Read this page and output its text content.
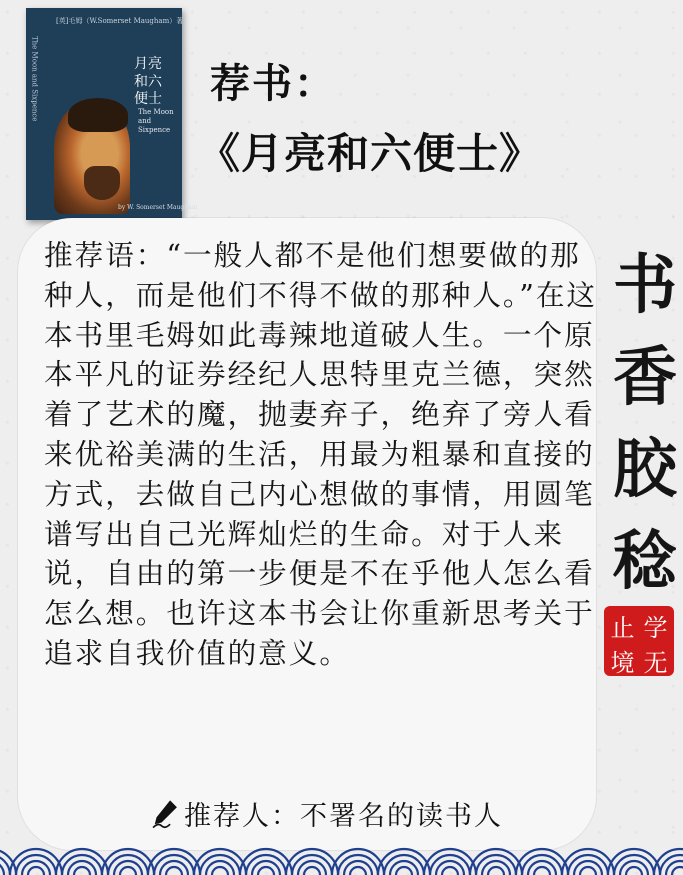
[英]毛姆（W.Somerset Maugham）著
The Moon and Sixpence	月亮和六便士
The Moon and Sixpence
by W. Somerset Maugham
荐书：
《月亮和六便士》
推荐语：“一般人都不是他们想要做的那种人，而是他们不得不做的那种人。”在这本书里毛姆如此毒辣地道破人生。一个原本平凡的证券经纪人思特里克兰德，突然着了艺术的魔，抛妻弃子，绝弃了旁人看来优裕美满的生活，用最为粗暴和直接的方式，去做自己内心想做的事情，用圆笔谱写出自己光辉灿烂的生命。对于人来说，自由的第一步便是不在乎他人怎么看怎么想。也许这本书会让你重新思考关于追求自我价值的意义。
推荐人：不署名的读书人
书
香
胶
稔
止 学
境 无
